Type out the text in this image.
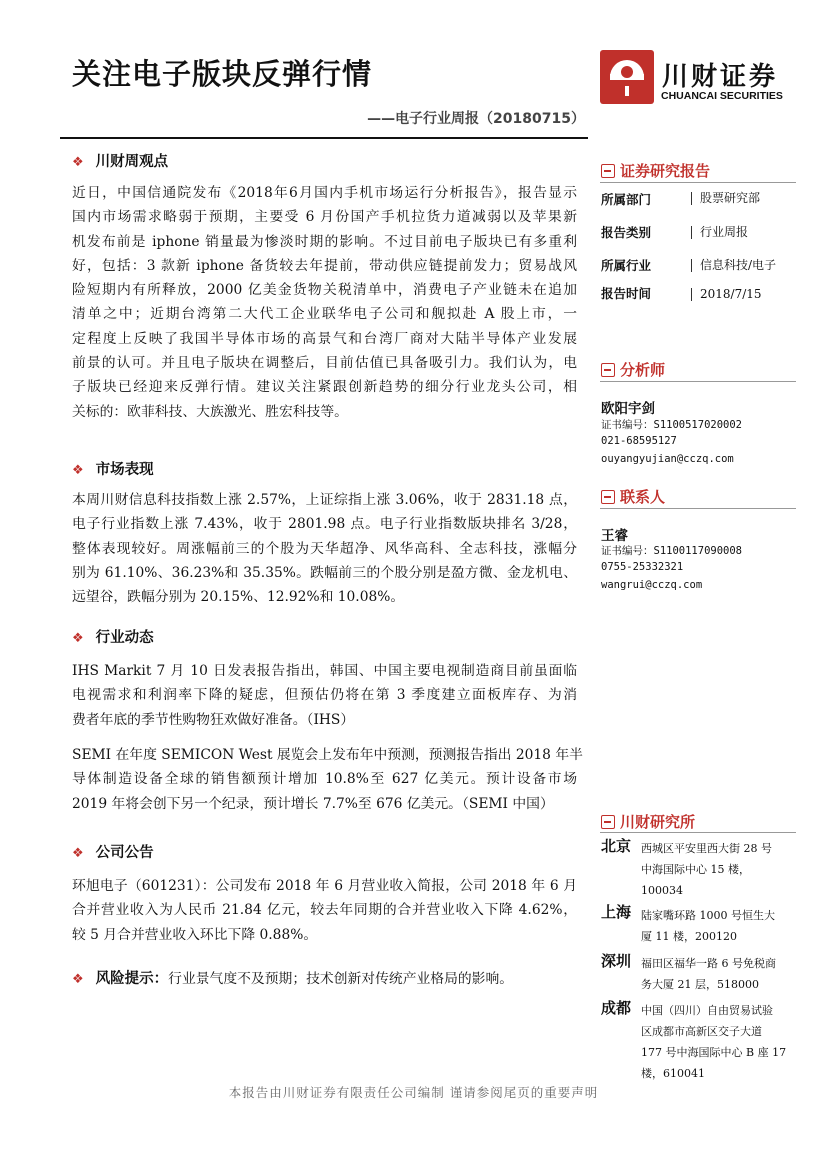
关注电子版块反弹行情
——电子行业周报（20180715）
川财证券
CHUANCAI SECURITIES
❖ 川财周观点
近日，中国信通院发布《2018年6月国内手机市场运行分析报告》，报告显示
国内市场需求略弱于预期，主要受 6 月份国产手机拉货力道减弱以及苹果新
机发布前是 iphone 销量最为惨淡时期的影响。不过目前电子版块已有多重利
好，包括：3 款新 iphone 备货较去年提前，带动供应链提前发力；贸易战风
险短期内有所释放，2000 亿美金货物关税清单中，消费电子产业链未在追加
清单之中；近期台湾第二大代工企业联华电子公司和舰拟赴 A 股上市，一
定程度上反映了我国半导体市场的高景气和台湾厂商对大陆半导体产业发展
前景的认可。并且电子版块在调整后，目前估值已具备吸引力。我们认为，电
子版块已经迎来反弹行情。建议关注紧跟创新趋势的细分行业龙头公司，相
关标的：欧菲科技、大族激光、胜宏科技等。
❖ 市场表现
本周川财信息科技指数上涨 2.57%，上证综指上涨 3.06%，收于 2831.18 点，
电子行业指数上涨 7.43%，收于 2801.98 点。电子行业指数版块排名 3/28，
整体表现较好。周涨幅前三的个股为天华超净、风华高科、全志科技，涨幅分
别为 61.10%、36.23%和 35.35%。跌幅前三的个股分别是盈方微、金龙机电、
远望谷，跌幅分别为 20.15%、12.92%和 10.08%。
❖ 行业动态
IHS Markit 7 月 10 日发表报告指出，韩国、中国主要电视制造商目前虽面临
电视需求和利润率下降的疑虑，但预估仍将在第 3 季度建立面板库存、为消
费者年底的季节性购物狂欢做好准备。（IHS）
SEMI 在年度 SEMICON West 展览会上发布年中预测，预测报告指出 2018 年半
导体制造设备全球的销售额预计增加 10.8%至 627 亿美元。预计设备市场
2019 年将会创下另一个纪录，预计增长 7.7%至 676 亿美元。（SEMI 中国）
❖ 公司公告
环旭电子（601231）：公司发布 2018 年 6 月营业收入简报，公司 2018 年 6 月
合并营业收入为人民币 21.84 亿元，较去年同期的合并营业收入下降 4.62%，
较 5 月合并营业收入环比下降 0.88%。
❖ 风险提示：行业景气度不及预期；技术创新对传统产业格局的影响。
证券研究报告
所属部门	股票研究部
报告类别	行业周报
所属行业	信息科技/电子
报告时间	2018/7/15
分析师
欧阳宇剑
证书编号：S1100517020002
021-68595127
ouyangyujian@cczq.com
联系人
王睿
证书编号：S1100117090008
0755-25332321
wangrui@cczq.com
川财研究所
北京 西城区平安里西大街 28 号
中海国际中心 15 楼，
100034
上海 陆家嘴环路 1000 号恒生大
厦 11 楼，200120
深圳 福田区福华一路 6 号免税商
务大厦 21 层，518000
成都 中国（四川）自由贸易试验
区成都市高新区交子大道
177 号中海国际中心 B 座 17
楼，610041
本报告由川财证券有限责任公司编制 谨请参阅尾页的重要声明
